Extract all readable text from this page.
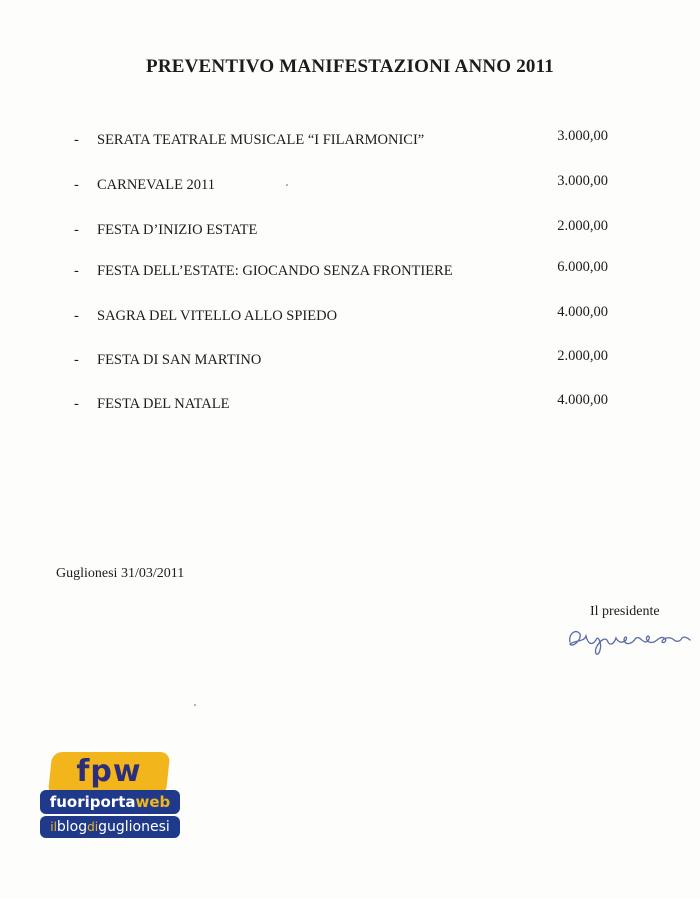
PREVENTIVO MANIFESTAZIONI ANNO 2011
- SERATA TEATRALE MUSICALE “I FILARMONICI”	3.000,00
- CARNEVALE 2011	3.000,00
- FESTA D’INIZIO ESTATE	2.000,00
- FESTA DELL’ESTATE: GIOCANDO SENZA FRONTIERE	6.000,00
- SAGRA DEL VITELLO ALLO SPIEDO	4.000,00
- FESTA DI SAN MARTINO	2.000,00
- FESTA DEL NATALE	4.000,00
Guglionesi 31/03/2011
Il presidente
fpw
fuoriportaweb
ilblogdiguglionesi
